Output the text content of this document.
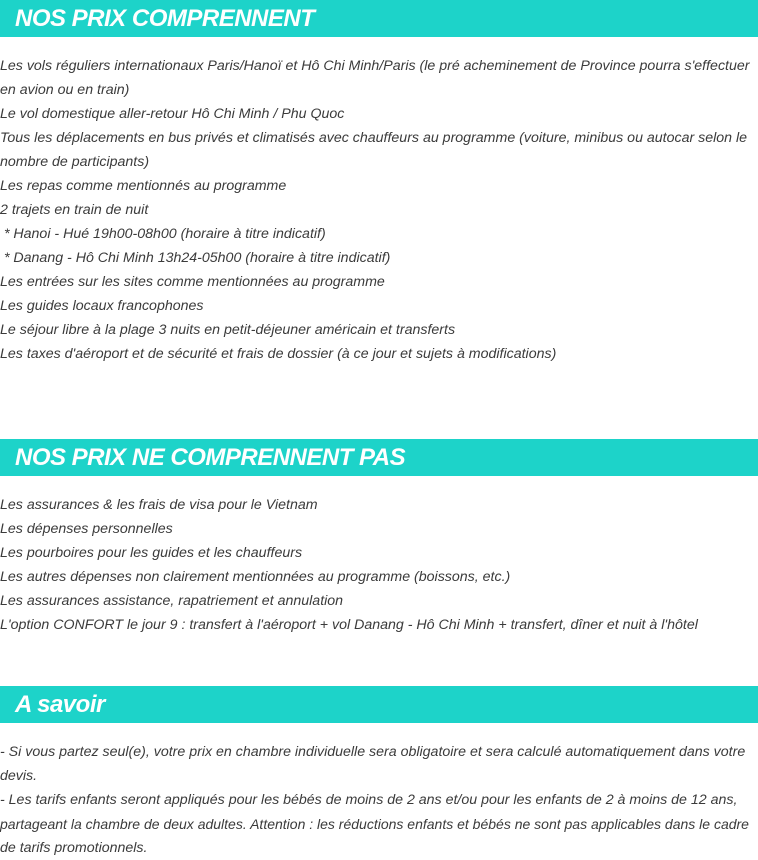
NOS PRIX COMPRENNENT
Les vols réguliers internationaux Paris/Hanoï et Hô Chi Minh/Paris (le pré acheminement de Province pourra s'effectuer
en avion ou en train)
Le vol domestique aller-retour Hô Chi Minh / Phu Quoc
Tous les déplacements en bus privés et climatisés avec chauffeurs au programme (voiture, minibus ou autocar selon le
nombre de participants)
Les repas comme mentionnés au programme
2 trajets en train de nuit
* Hanoi - Hué 19h00-08h00 (horaire à titre indicatif)
* Danang - Hô Chi Minh 13h24-05h00 (horaire à titre indicatif)
Les entrées sur les sites comme mentionnées au programme
Les guides locaux francophones
Le séjour libre à la plage 3 nuits en petit-déjeuner américain et transferts
Les taxes d'aéroport et de sécurité et frais de dossier (à ce jour et sujets à modifications)
NOS PRIX NE COMPRENNENT PAS
Les assurances & les frais de visa pour le Vietnam
Les dépenses personnelles
Les pourboires pour les guides et les chauffeurs
Les autres dépenses non clairement mentionnées au programme (boissons, etc.)
Les assurances assistance, rapatriement et annulation
L'option CONFORT le jour 9 : transfert à l'aéroport + vol Danang - Hô Chi Minh + transfert, dîner et nuit à l'hôtel
A savoir
- Si vous partez seul(e), votre prix en chambre individuelle sera obligatoire et sera calculé automatiquement dans votre
devis.
- Les tarifs enfants seront appliqués pour les bébés de moins de 2 ans et/ou pour les enfants de 2 à moins de 12 ans,
partageant la chambre de deux adultes. Attention : les réductions enfants et bébés ne sont pas applicables dans le cadre
de tarifs promotionnels.
